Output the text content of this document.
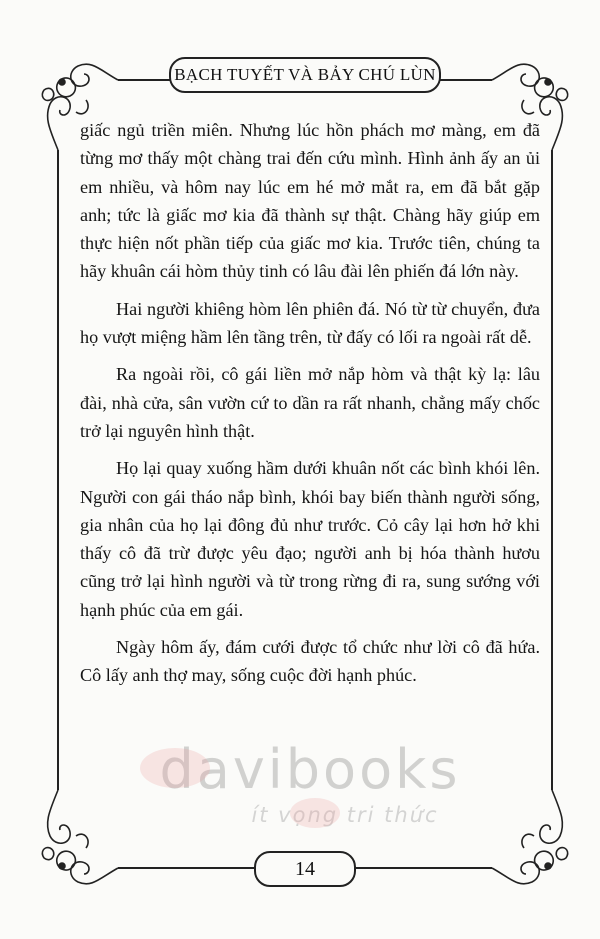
BẠCH TUYẾT VÀ BẢY CHÚ LÙN

giấc ngủ triền miên. Nhưng lúc hồn phách mơ màng, em đã từng mơ thấy một chàng trai đến cứu mình. Hình ảnh ấy an ủi em nhiều, và hôm nay lúc em hé mở mắt ra, em đã bắt gặp anh; tức là giấc mơ kia đã thành sự thật. Chàng hãy giúp em thực hiện nốt phần tiếp của giấc mơ kia. Trước tiên, chúng ta hãy khuân cái hòm thủy tinh có lâu đài lên phiến đá lớn này.

Hai người khiêng hòm lên phiên đá. Nó từ từ chuyển, đưa họ vượt miệng hầm lên tầng trên, từ đấy có lối ra ngoài rất dễ.

Ra ngoài rồi, cô gái liền mở nắp hòm và thật kỳ lạ: lâu đài, nhà cửa, sân vườn cứ to dần ra rất nhanh, chẳng mấy chốc trở lại nguyên hình thật.

Họ lại quay xuống hầm dưới khuân nốt các bình khói lên. Người con gái tháo nắp bình, khói bay biến thành người sống, gia nhân của họ lại đông đủ như trước. Cỏ cây lại hơn hở khi thấy cô đã trừ được yêu đạo; người anh bị hóa thành hươu cũng trở lại hình người và từ trong rừng đi ra, sung sướng với hạnh phúc của em gái.

Ngày hôm ấy, đám cưới được tổ chức như lời cô đã hứa. Cô lấy anh thợ may, sống cuộc đời hạnh phúc.

davibooks
ít vọng tri thức
14
